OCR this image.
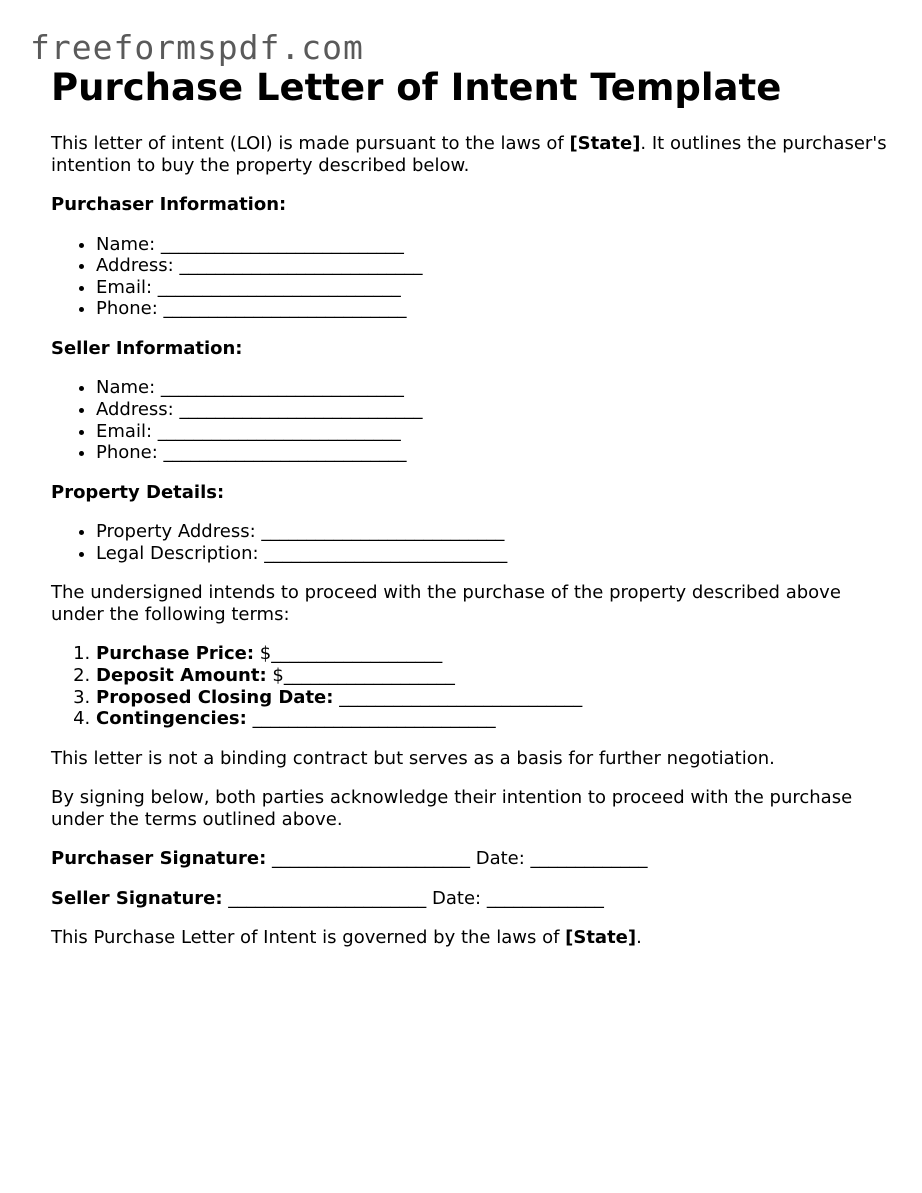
freeformspdf.com
Purchase Letter of Intent Template

This letter of intent (LOI) is made pursuant to the laws of [State]. It outlines the purchaser's intention to buy the property described below.

Purchaser Information:

• Name: ___________________________
• Address: ___________________________
• Email: ___________________________
• Phone: ___________________________

Seller Information:

• Name: ___________________________
• Address: ___________________________
• Email: ___________________________
• Phone: ___________________________

Property Details:

• Property Address: ___________________________
• Legal Description: ___________________________

The undersigned intends to proceed with the purchase of the property described above under the following terms:

1. Purchase Price: $___________________
2. Deposit Amount: $___________________
3. Proposed Closing Date: ___________________________
4. Contingencies: ___________________________

This letter is not a binding contract but serves as a basis for further negotiation.

By signing below, both parties acknowledge their intention to proceed with the purchase under the terms outlined above.

Purchaser Signature: ______________________ Date: _____________

Seller Signature: ______________________ Date: _____________

This Purchase Letter of Intent is governed by the laws of [State].
